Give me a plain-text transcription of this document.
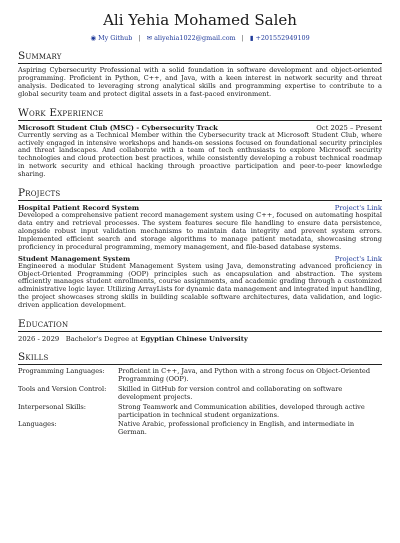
Ali Yehia Mohamed Saleh
◉ My Github | ✉ aliyehia1022@gmail.com | ▮ +201552949109
Summary
Aspiring Cybersecurity Professional with a solid foundation in software development and object-oriented programming. Proficient in Python, C++, and Java, with a keen interest in network security and threat analysis. Dedicated to leveraging strong analytical skills and programming expertise to contribute to a global security team and protect digital assets in a fast-paced environment.
Work Experience
Microsoft Student Club (MSC) - Cybersecurity Track	Oct 2025 – Present
Currently serving as a Technical Member within the Cybersecurity track at Microsoft Student Club, where actively engaged in intensive workshops and hands-on sessions focused on foundational security principles and threat landscapes. And collaborate with a team of tech enthusiasts to explore Microsoft security technologies and cloud protection best practices, while consistently developing a robust technical roadmap in network security and ethical hacking through proactive participation and peer-to-peer knowledge sharing.
Projects
Hospital Patient Record System	Project's Link
Developed a comprehensive patient record management system using C++, focused on automating hospital data entry and retrieval processes. The system features secure file handling to ensure data persistence, alongside robust input validation mechanisms to maintain data integrity and prevent system errors. Implemented efficient search and storage algorithms to manage patient metadata, showcasing strong proficiency in procedural programming, memory management, and file-based database systems.
Student Management System	Project's Link
Engineered a modular Student Management System using Java, demonstrating advanced proficiency in Object-Oriented Programming (OOP) principles such as encapsulation and abstraction. The system efficiently manages student enrollments, course assignments, and academic grading through a customized administrative logic layer. Utilizing ArrayLists for dynamic data management and integrated input handling, the project showcases strong skills in building scalable software architectures, data validation, and logic-driven application development.
Education
2026 - 2029 Bachelor's Degree at Egyptian Chinese University
Skills
Programming Languages:	Proficient in C++, Java, and Python with a strong focus on Object-Oriented Programming (OOP).
Tools and Version Control:	Skilled in GitHub for version control and collaborating on software development projects.
Interpersonal Skills:	Strong Teamwork and Communication abilities, developed through active participation in technical student organizations.
Languages:	Native Arabic, professional proficiency in English, and intermediate in German.
